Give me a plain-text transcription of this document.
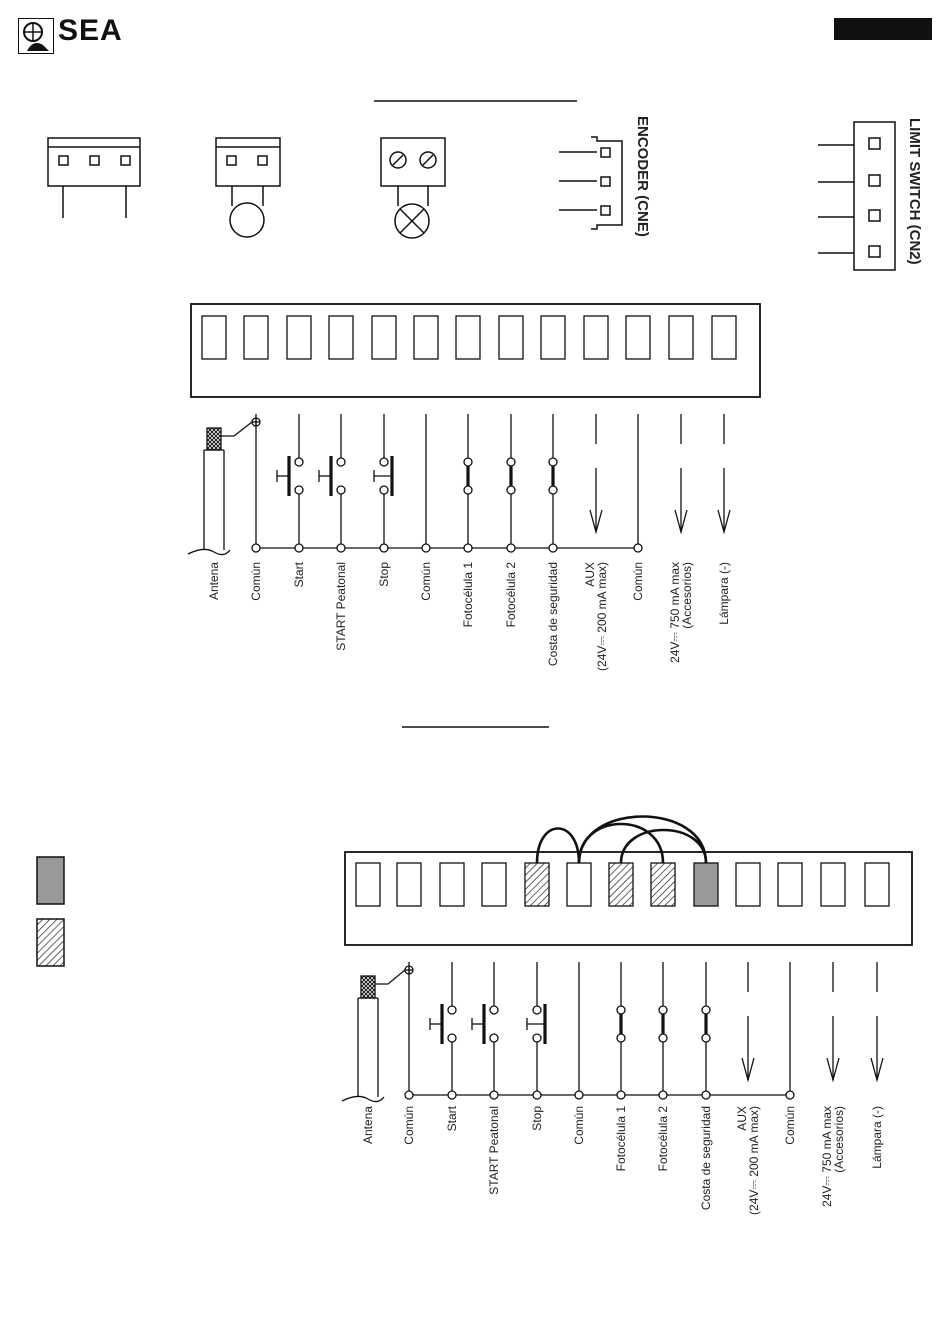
SEA
ENCODER (CNE)	LIMIT SWITCH (CN2)
Antena Común Start START Peatonal Stop Común Fotocélula 1 Fotocélula 2 Costa de seguridad AUX
(24V⎓ 200 mA max) Común 24V⎓ 750 mA max
(Accesorios) Lámpara (-)
Antena Común Start START Peatonal Stop Común Fotocélula 1 Fotocélula 2 Costa de seguridad AUX
(24V⎓ 200 mA max) Común 24V⎓ 750 mA max
(Accesorios) Lámpara (-)
